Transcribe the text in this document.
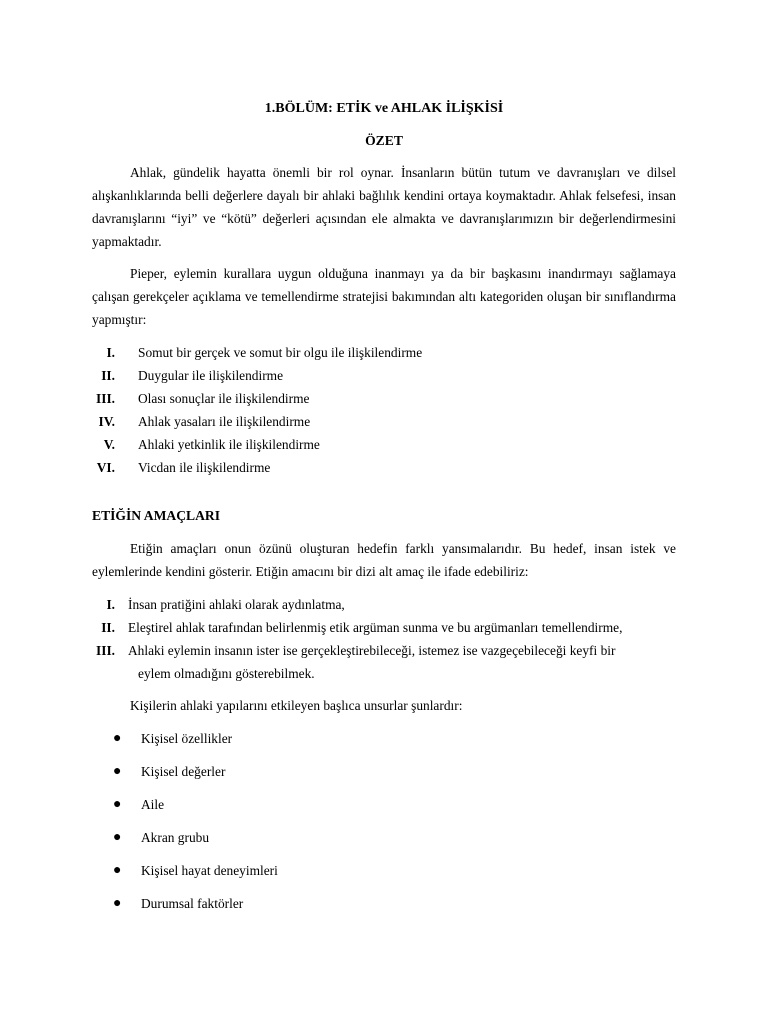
1.BÖLÜM: ETİK ve AHLAK İLİŞKİSİ
ÖZET

Ahlak, gündelik hayatta önemli bir rol oynar. İnsanların bütün tutum ve davranışları ve dilsel alışkanlıklarında belli değerlere dayalı bir ahlaki bağlılık kendini ortaya koymaktadır. Ahlak felsefesi, insan davranışlarını “iyi” ve “kötü” değerleri açısından ele almakta ve davranışlarımızın bir değerlendirmesini yapmaktadır.

Pieper, eylemin kurallara uygun olduğuna inanmayı ya da bir başkasını inandırmayı sağlamaya çalışan gerekçeler açıklama ve temellendirme stratejisi bakımından altı kategoriden oluşan bir sınıflandırma yapmıştır:

I. Somut bir gerçek ve somut bir olgu ile ilişkilendirme
II. Duygular ile ilişkilendirme
III. Olası sonuçlar ile ilişkilendirme
IV. Ahlak yasaları ile ilişkilendirme
V. Ahlaki yetkinlik ile ilişkilendirme
VI. Vicdan ile ilişkilendirme
ETİĞİN AMAÇLARI

Etiğin amaçları onun özünü oluşturan hedefin farklı yansımalarıdır. Bu hedef, insan istek ve eylemlerinde kendini gösterir. Etiğin amacını bir dizi alt amaç ile ifade edebiliriz:

I. İnsan pratiğini ahlaki olarak aydınlatma,
II. Eleştirel ahlak tarafından belirlenmiş etik argüman sunma ve bu argümanları temellendirme,
III. Ahlaki eylemin insanın ister ise gerçekleştirebileceği, istemez ise vazgeçebileceği keyfi bir
eylem olmadığını gösterebilmek.

Kişilerin ahlaki yapılarını etkileyen başlıca unsurlar şunlardır:

● Kişisel özellikler
● Kişisel değerler
● Aile
● Akran grubu
● Kişisel hayat deneyimleri
● Durumsal faktörler
